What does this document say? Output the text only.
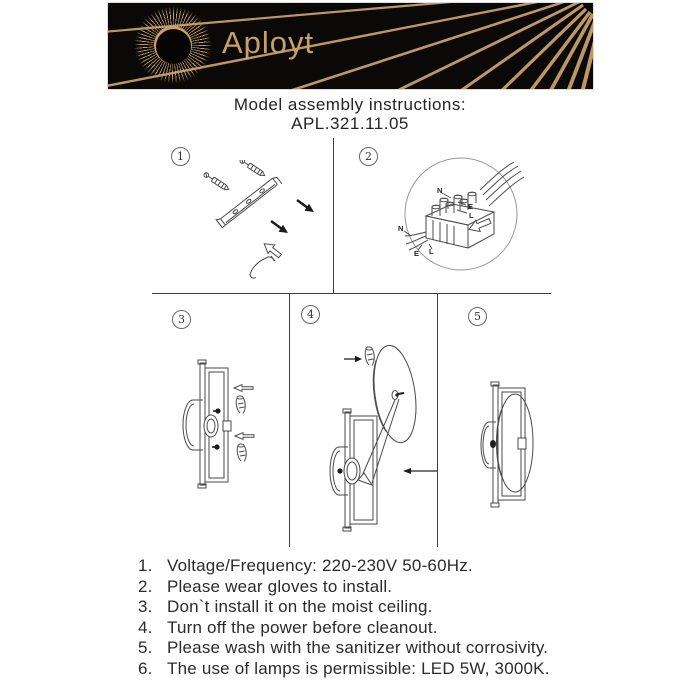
Aployt
Model assembly instructions:
APL.321.11.05
1	2
3	4	5
N
E
L
N
E L
1. Voltage/Frequency: 220-230V 50-60Hz.
2. Please wear gloves to install.
3. Don`t install it on the moist ceiling.
4. Turn off the power before cleanout.
5. Please wash with the sanitizer without corrosivity.
6. The use of lamps is permissible: LED 5W, 3000K.
